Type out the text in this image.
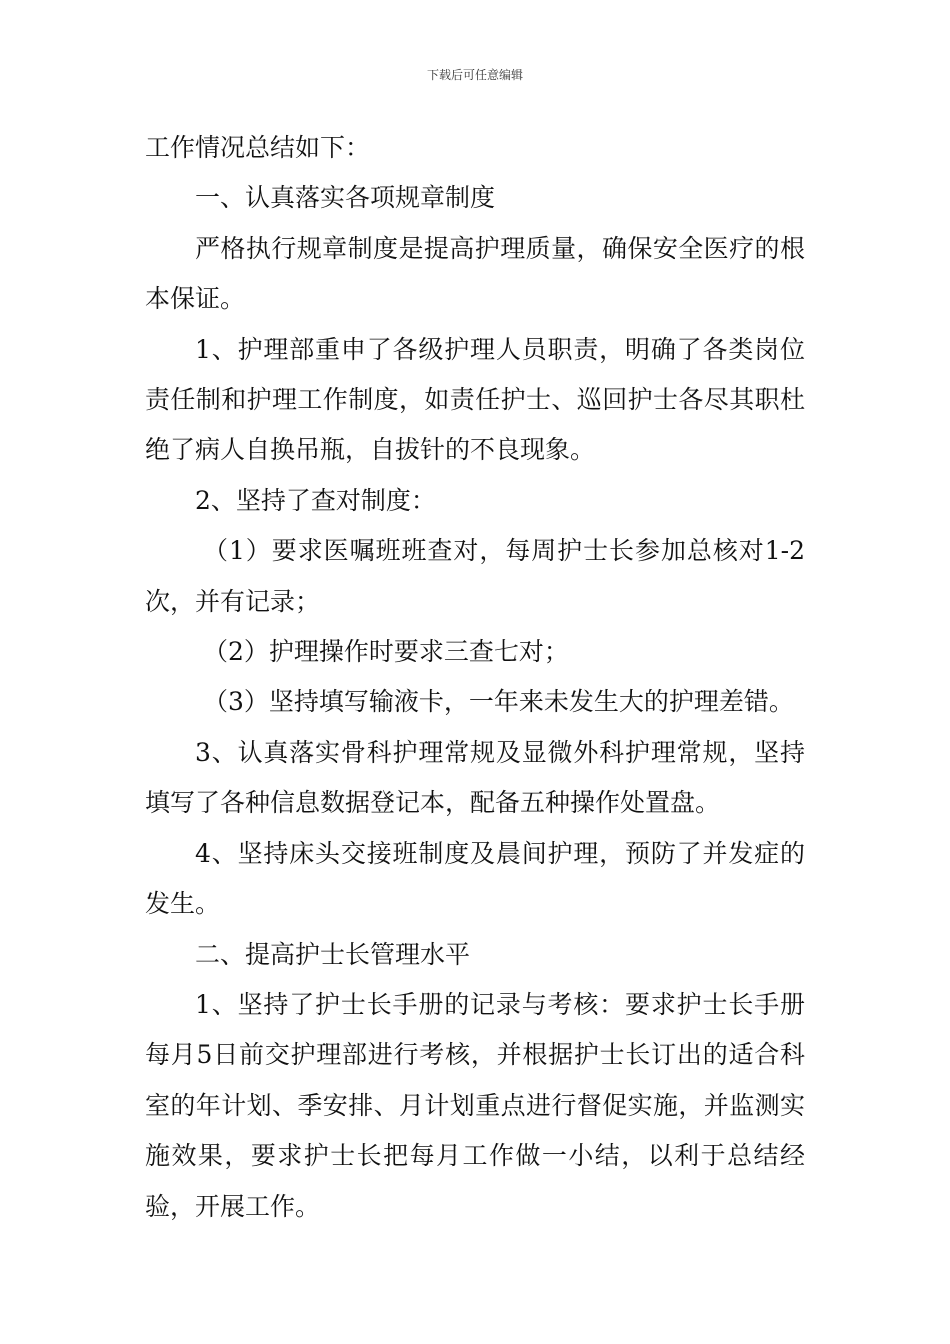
下载后可任意编辑

工作情况总结如下：

一、认真落实各项规章制度

严格执行规章制度是提高护理质量，确保安全医疗的根本保证。

1、护理部重申了各级护理人员职责，明确了各类岗位责任制和护理工作制度，如责任护士、巡回护士各尽其职杜绝了病人自换吊瓶，自拔针的不良现象。

2、坚持了查对制度：

（1）要求医嘱班班查对，每周护士长参加总核对1-2次，并有记录；

（2）护理操作时要求三查七对；

（3）坚持填写输液卡，一年来未发生大的护理差错。

3、认真落实骨科护理常规及显微外科护理常规，坚持填写了各种信息数据登记本，配备五种操作处置盘。

4、坚持床头交接班制度及晨间护理，预防了并发症的发生。

二、提高护士长管理水平

1、坚持了护士长手册的记录与考核：要求护士长手册每月5日前交护理部进行考核，并根据护士长订出的适合科室的年计划、季安排、月计划重点进行督促实施，并监测实施效果，要求护士长把每月工作做一小结，以利于总结经验，开展工作。
